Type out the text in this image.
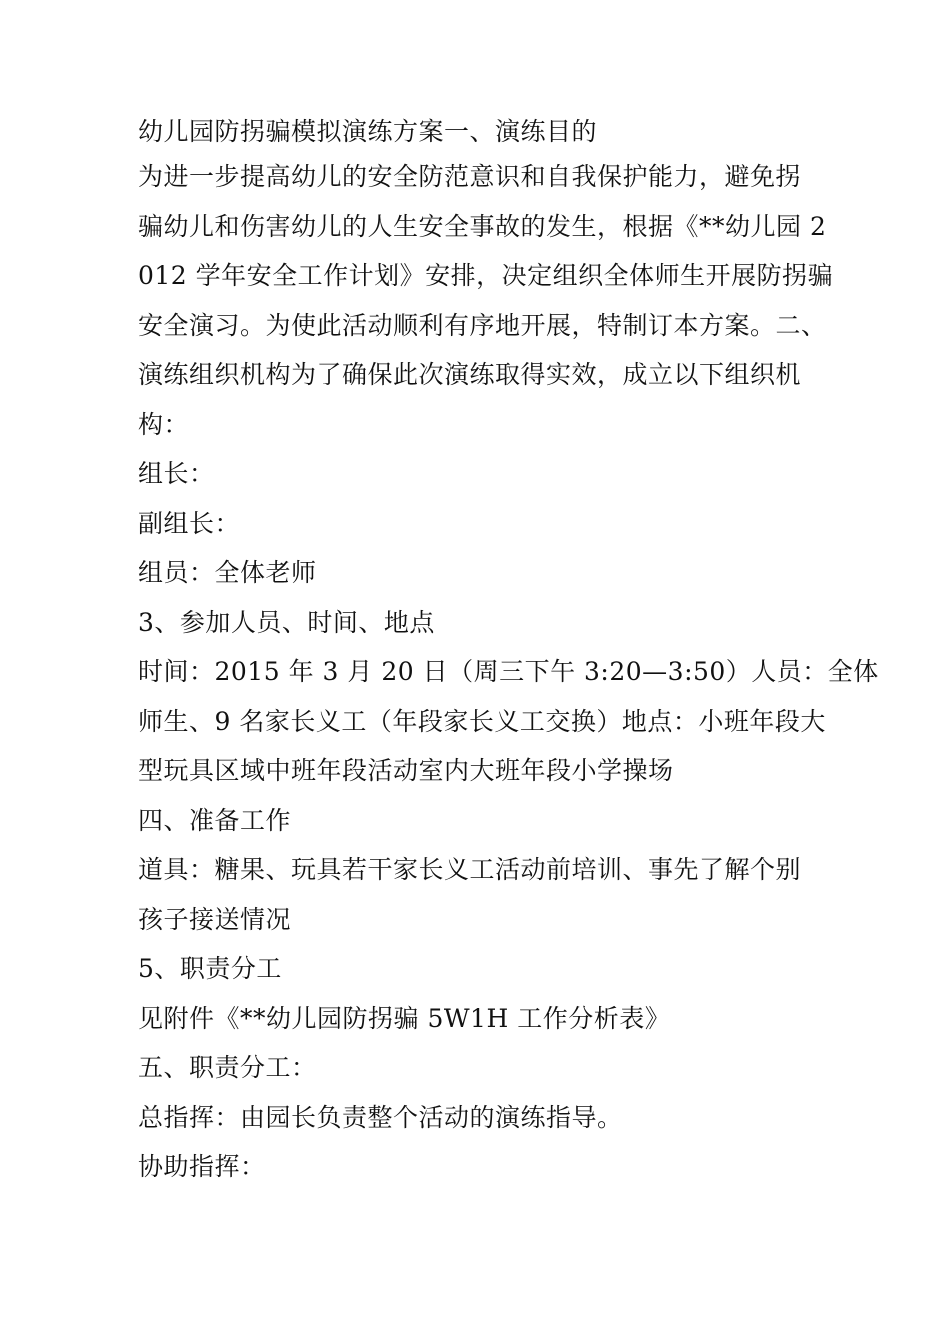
幼儿园防拐骗模拟演练方案一、演练目的
为进一步提高幼儿的安全防范意识和自我保护能力，避免拐
骗幼儿和伤害幼儿的人生安全事故的发生，根据《**幼儿园 2
012 学年安全工作计划》安排，决定组织全体师生开展防拐骗
安全演习。为使此活动顺利有序地开展，特制订本方案。二、
演练组织机构为了确保此次演练取得实效，成立以下组织机
构：
组长：
副组长：
组员：全体老师
3、参加人员、时间、地点
时间：2015 年 3 月 20 日（周三下午 3:20—3:50）人员：全体
师生、9 名家长义工（年段家长义工交换）地点：小班年段大
型玩具区域中班年段活动室内大班年段小学操场
四、准备工作
道具：糖果、玩具若干家长义工活动前培训、事先了解个别
孩子接送情况
5、职责分工
见附件《**幼儿园防拐骗 5W1H 工作分析表》
五、职责分工：
总指挥：由园长负责整个活动的演练指导。
协助指挥：
